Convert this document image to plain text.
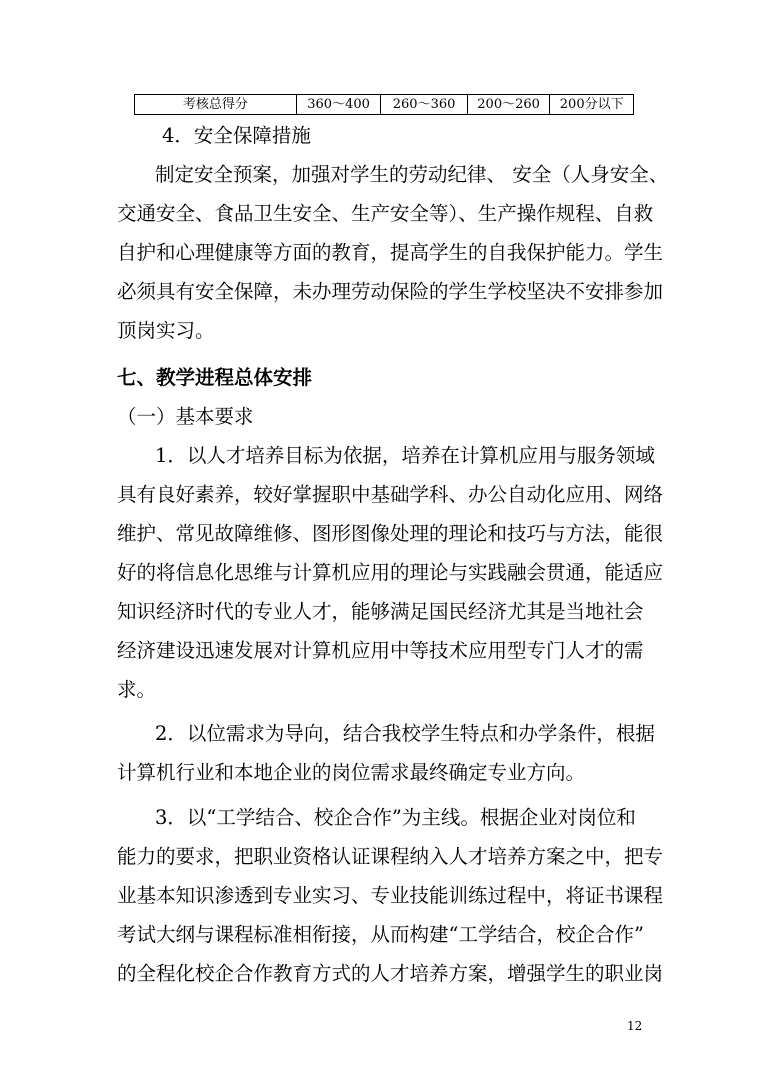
考核总得分	360～400	260～360	200～260	200分以下
4．安全保障措施
制定安全预案，加强对学生的劳动纪律、 安全（人身安全、
交通安全、食品卫生安全、生产安全等）、生产操作规程、自救
自护和心理健康等方面的教育，提高学生的自我保护能力。学生
必须具有安全保障，未办理劳动保险的学生学校坚决不安排参加
顶岗实习。
七、教学进程总体安排
（一）基本要求
1．以人才培养目标为依据，培养在计算机应用与服务领域
具有良好素养，较好掌握职中基础学科、办公自动化应用、网络
维护、常见故障维修、图形图像处理的理论和技巧与方法，能很
好的将信息化思维与计算机应用的理论与实践融会贯通，能适应
知识经济时代的专业人才，能够满足国民经济尤其是当地社会
经济建设迅速发展对计算机应用中等技术应用型专门人才的需
求。
2．以位需求为导向，结合我校学生特点和办学条件，根据
计算机行业和本地企业的岗位需求最终确定专业方向。
3．以“工学结合、校企合作”为主线。根据企业对岗位和
能力的要求，把职业资格认证课程纳入人才培养方案之中，把专
业基本知识渗透到专业实习、专业技能训练过程中，将证书课程
考试大纲与课程标准相衔接，从而构建“工学结合，校企合作”
的全程化校企合作教育方式的人才培养方案，增强学生的职业岗
12
